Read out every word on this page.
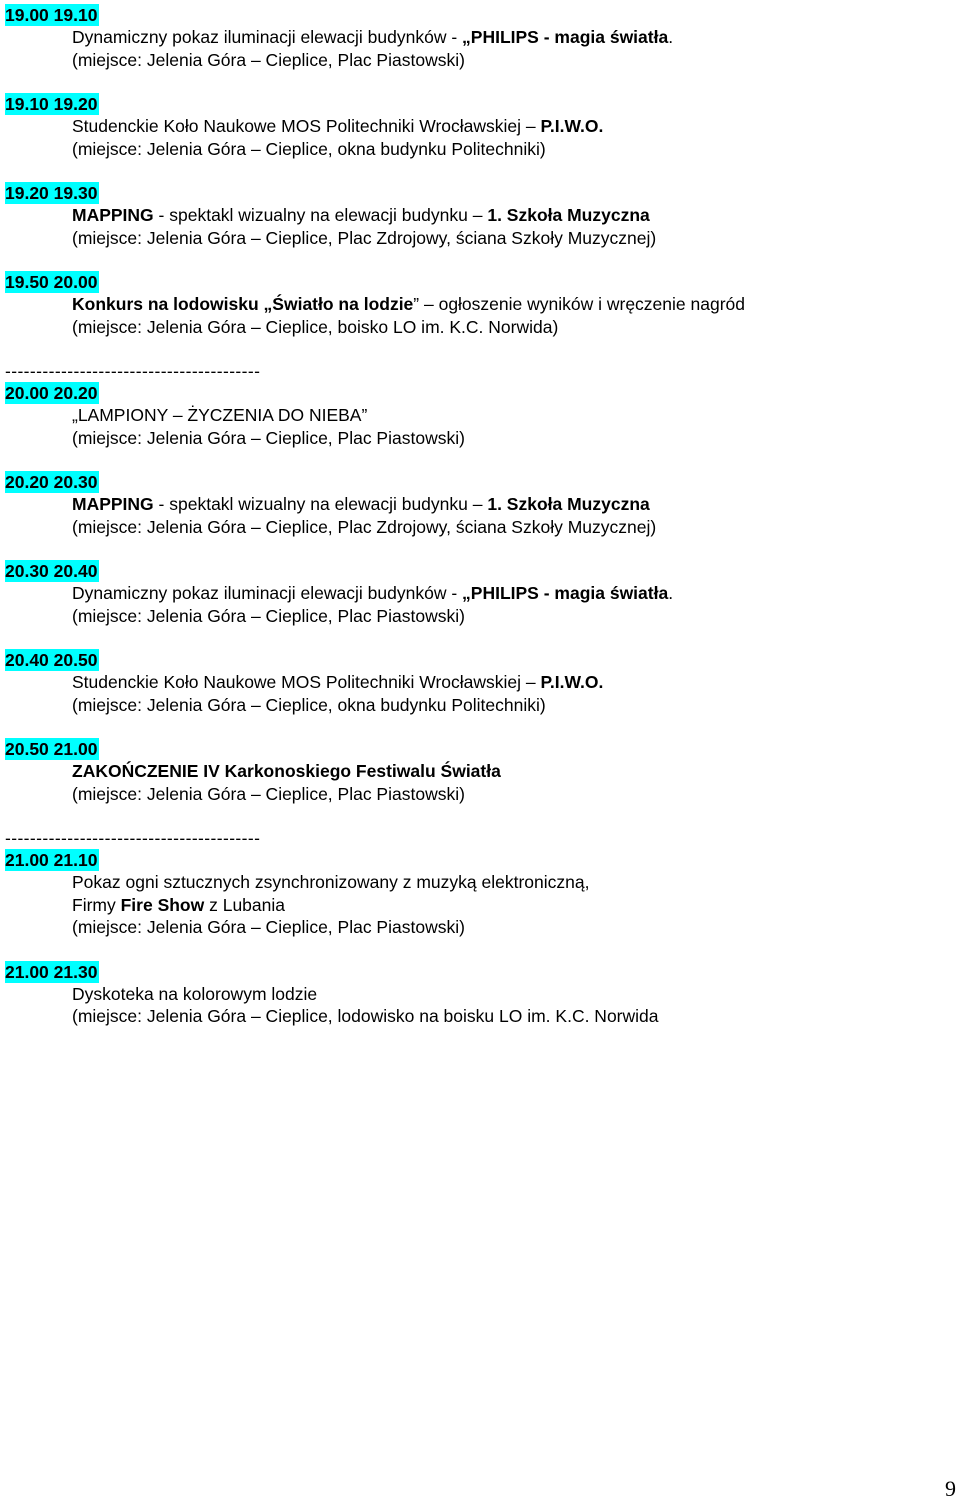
19.00 19.10
Dynamiczny pokaz iluminacji elewacji budynków - „PHILIPS - magia światła.
(miejsce: Jelenia Góra – Cieplice, Plac Piastowski)
19.10 19.20
Studenckie Koło Naukowe MOS Politechniki Wrocławskiej – P.I.W.O.
(miejsce: Jelenia Góra – Cieplice, okna budynku Politechniki)
19.20 19.30
MAPPING - spektakl wizualny na elewacji budynku – 1. Szkoła Muzyczna
(miejsce: Jelenia Góra – Cieplice, Plac Zdrojowy, ściana Szkoły Muzycznej)
19.50 20.00
Konkurs na lodowisku „Światło na lodzie” – ogłoszenie wyników i wręczenie nagród
(miejsce: Jelenia Góra – Cieplice, boisko LO im. K.C. Norwida)
-----------------------------------------
20.00 20.20
„LAMPIONY – ŻYCZENIA DO NIEBA”
(miejsce: Jelenia Góra – Cieplice, Plac Piastowski)
20.20 20.30
MAPPING - spektakl wizualny na elewacji budynku – 1. Szkoła Muzyczna
(miejsce: Jelenia Góra – Cieplice, Plac Zdrojowy, ściana Szkoły Muzycznej)
20.30 20.40
Dynamiczny pokaz iluminacji elewacji budynków - „PHILIPS - magia światła.
(miejsce: Jelenia Góra – Cieplice, Plac Piastowski)
20.40 20.50
Studenckie Koło Naukowe MOS Politechniki Wrocławskiej – P.I.W.O.
(miejsce: Jelenia Góra – Cieplice, okna budynku Politechniki)
20.50 21.00
ZAKOŃCZENIE IV Karkonoskiego Festiwalu Światła
(miejsce: Jelenia Góra – Cieplice, Plac Piastowski)
-----------------------------------------
21.00 21.10
Pokaz ogni sztucznych zsynchronizowany z muzyką elektroniczną,
Firmy Fire Show z Lubania
(miejsce: Jelenia Góra – Cieplice, Plac Piastowski)
21.00 21.30
Dyskoteka na kolorowym lodzie
(miejsce: Jelenia Góra – Cieplice, lodowisko na boisku LO im. K.C. Norwida
9
